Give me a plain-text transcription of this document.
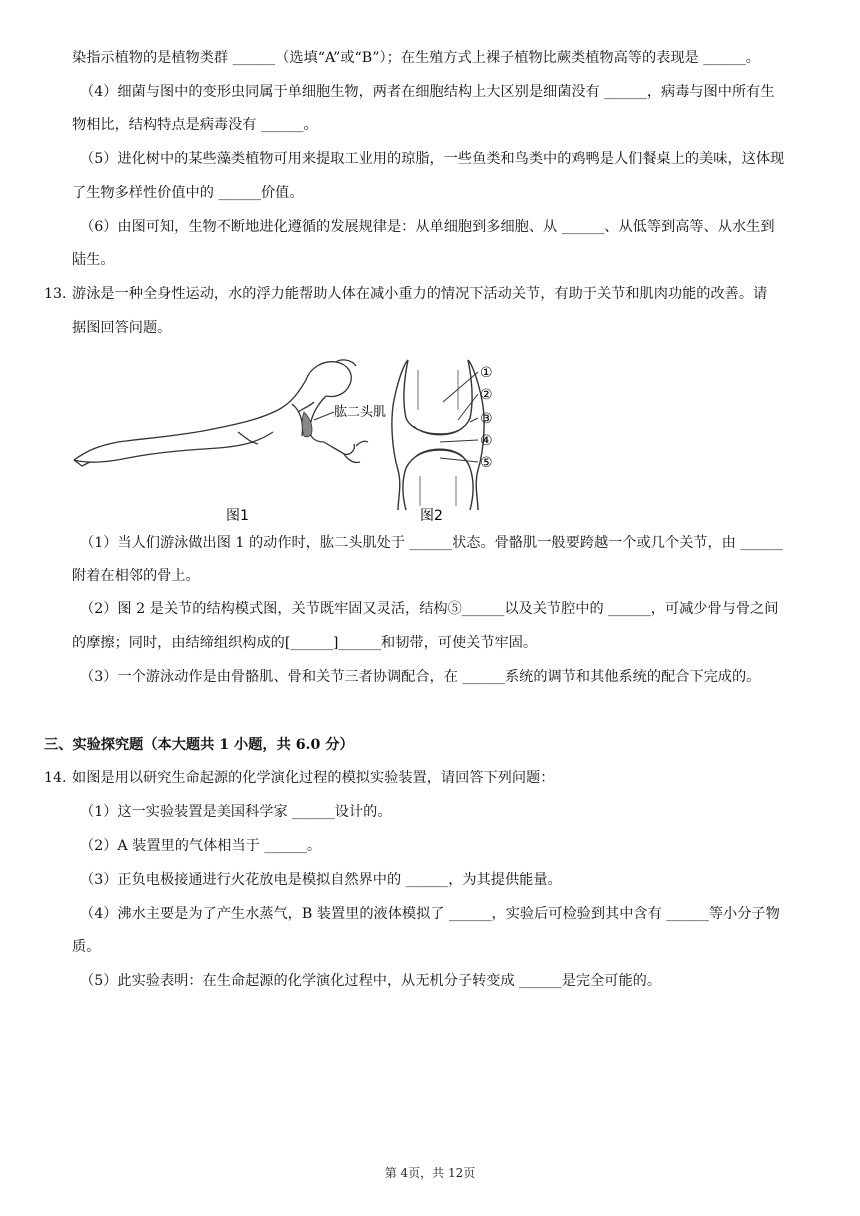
染指示植物的是植物类群 ______（选填“A”或“B”）；在生殖方式上裸子植物比蕨类植物高等的表现是 ______。
（4）细菌与图中的变形虫同属于单细胞生物，两者在细胞结构上大区别是细菌没有 ______，病毒与图中所有生
物相比，结构特点是病毒没有 ______。
（5）进化树中的某些藻类植物可用来提取工业用的琼脂，一些鱼类和鸟类中的鸡鸭是人们餐桌上的美味，这体现
了生物多样性价值中的 ______价值。
（6）由图可知，生物不断地进化遵循的发展规律是：从单细胞到多细胞、从 ______、从低等到高等、从水生到
陆生。
13. 游泳是一种全身性运动，水的浮力能帮助人体在减小重力的情况下活动关节，有助于关节和肌肉功能的改善。请
据图回答问题。
肱二头肌
图1
①
②
③
④
⑤
图2
（1）当人们游泳做出图 1 的动作时，肱二头肌处于 ______状态。骨骼肌一般要跨越一个或几个关节，由 ______
附着在相邻的骨上。
（2）图 2 是关节的结构模式图，关节既牢固又灵活，结构⑤______以及关节腔中的 ______，可减少骨与骨之间
的摩擦；同时，由结缔组织构成的[______]______和韧带，可使关节牢固。
（3）一个游泳动作是由骨骼肌、骨和关节三者协调配合，在 ______系统的调节和其他系统的配合下完成的。
三、实验探究题（本大题共 1 小题，共 6.0 分）
14. 如图是用以研究生命起源的化学演化过程的模拟实验装置，请回答下列问题：
（1）这一实验装置是美国科学家 ______设计的。
（2）A 装置里的气体相当于 ______。
（3）正负电极接通进行火花放电是模拟自然界中的 ______，为其提供能量。
（4）沸水主要是为了产生水蒸气，B 装置里的液体模拟了 ______，实验后可检验到其中含有 ______等小分子物
质。
（5）此实验表明：在生命起源的化学演化过程中，从无机分子转变成 ______是完全可能的。
第 4页，共 12页
